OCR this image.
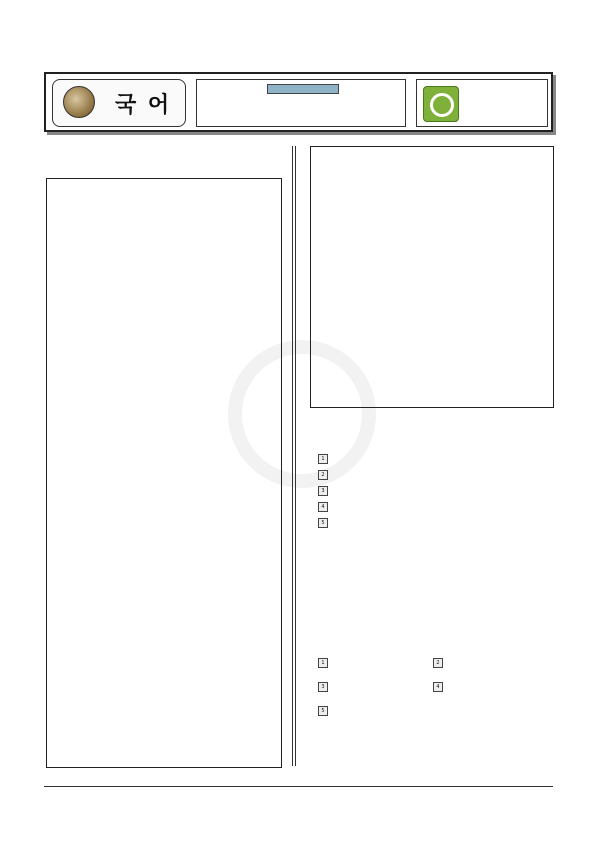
국 어

1
2
3
4
5
1	2
3	4
5
